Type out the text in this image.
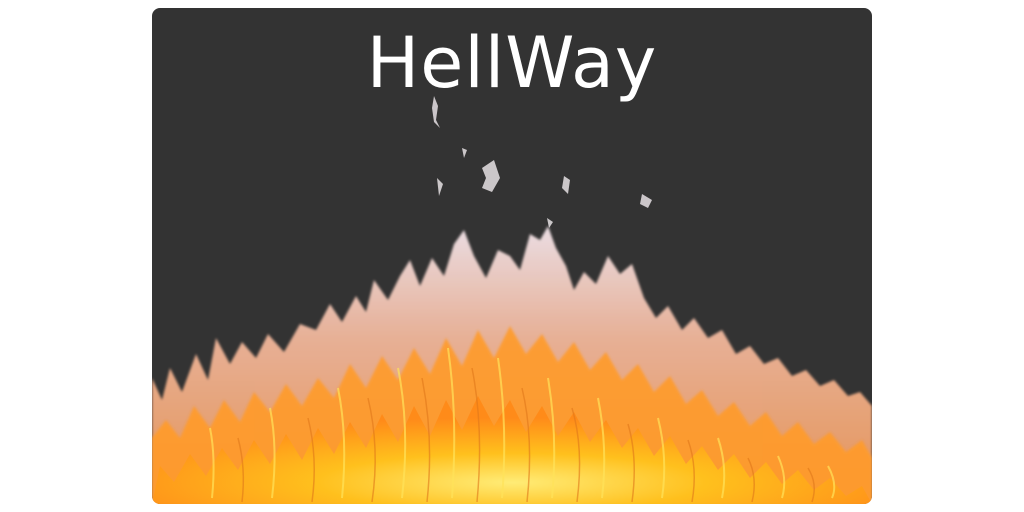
HellWay
